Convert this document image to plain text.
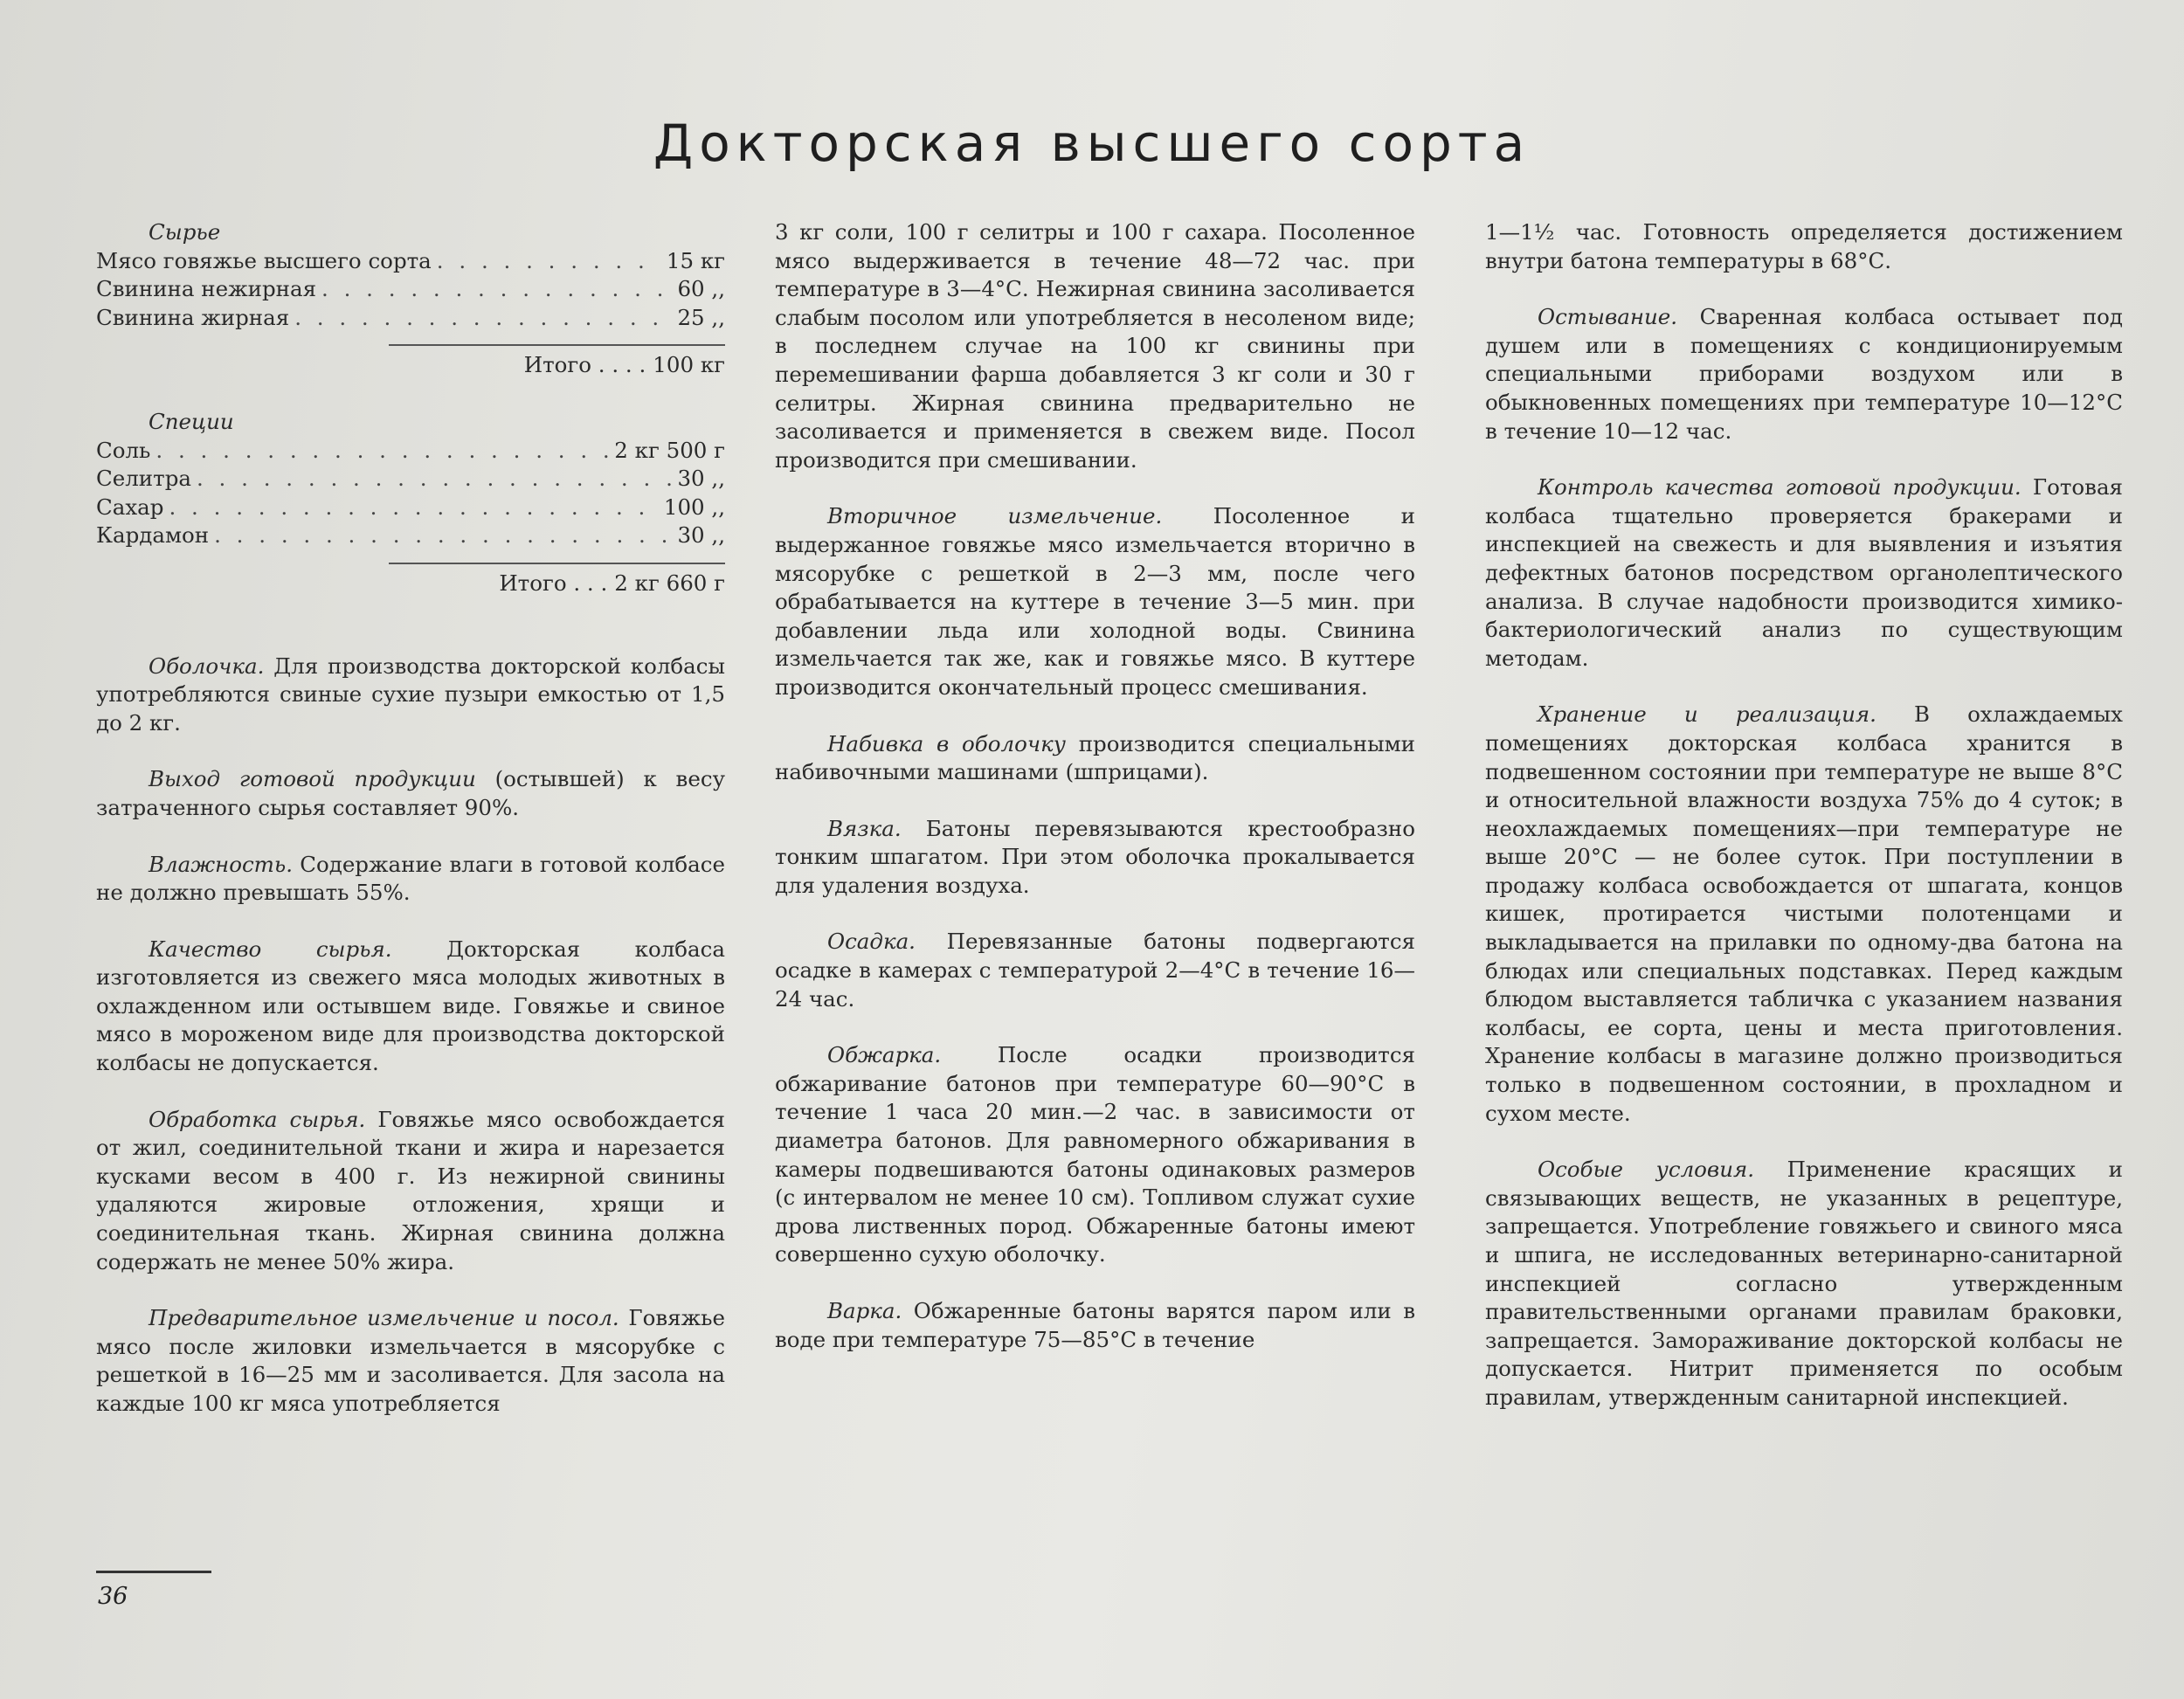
Докторская высшего сорта
Сырье
Мясо говяжье высшего сорта . . .	15 кг
Свинина нежирная . . .	60 ,,
Свинина жирная . . .	25 ,,
Итого . . . . 100 кг
Специи
Соль . . .	2 кг 500 г
Селитра . . .	30 ,,
Сахар . . .	100 ,,
Кардамон . . .	30 ,,
Итого . . . 2 кг 660 г

Оболочка. Для производства докторской колбасы употребляются свиные сухие пузыри емкостью от 1,5 до 2 кг.

Выход готовой продукции (остывшей) к весу затраченного сырья составляет 90%.

Влажность. Содержание влаги в готовой колбасе не должно превышать 55%.

Качество сырья. Докторская колбаса изготовляется из свежего мяса молодых животных в охлажденном или остывшем виде. Говяжье и свиное мясо в мороженом виде для производства докторской колбасы не допускается.

Обработка сырья. Говяжье мясо освобождается от жил, соединительной ткани и жира и нарезается кусками весом в 400 г. Из нежирной свинины удаляются жировые отложения, хрящи и соединительная ткань. Жирная свинина должна содержать не менее 50% жира.

Предварительное измельчение и посол. Говяжье мясо после жиловки измельчается в мясорубке с решеткой в 16—25 мм и засоливается. Для засола на каждые 100 кг мяса употребляется

3 кг соли, 100 г селитры и 100 г сахара. Посоленное мясо выдерживается в течение 48—72 час. при температуре в 3—4°С. Нежирная свинина засоливается слабым посолом или употребляется в несоленом виде; в последнем случае на 100 кг свинины при перемешивании фарша добавляется 3 кг соли и 30 г селитры. Жирная свинина предварительно не засоливается и применяется в свежем виде. Посол производится при смешивании.

Вторичное измельчение. Посоленное и выдержанное говяжье мясо измельчается вторично в мясорубке с решеткой в 2—3 мм, после чего обрабатывается на куттере в течение 3—5 мин. при добавлении льда или холодной воды. Свинина измельчается так же, как и говяжье мясо. В куттере производится окончательный процесс смешивания.

Набивка в оболочку производится специальными набивочными машинами (шприцами).

Вязка. Батоны перевязываются крестообразно тонким шпагатом. При этом оболочка прокалывается для удаления воздуха.

Осадка. Перевязанные батоны подвергаются осадке в камерах с температурой 2—4°С в течение 16—24 час.

Обжарка. После осадки производится обжаривание батонов при температуре 60—90°С в течение 1 часа 20 мин.—2 час. в зависимости от диаметра батонов. Для равномерного обжаривания в камеры подвешиваются батоны одинаковых размеров (с интервалом не менее 10 см). Топливом служат сухие дрова лиственных пород. Обжаренные батоны имеют совершенно сухую оболочку.

Варка. Обжаренные батоны варятся паром или в воде при температуре 75—85°С в течение

1—1½ час. Готовность определяется достижением внутри батона температуры в 68°С.

Остывание. Сваренная колбаса остывает под душем или в помещениях с кондиционируемым специальными приборами воздухом или в обыкновенных помещениях при температуре 10—12°С в течение 10—12 час.

Контроль качества готовой продукции. Готовая колбаса тщательно проверяется бракерами и инспекцией на свежесть и для выявления и изъятия дефектных батонов посредством органолептического анализа. В случае надобности производится химико-бактериологический анализ по существующим методам.

Хранение и реализация. В охлаждаемых помещениях докторская колбаса хранится в подвешенном состоянии при температуре не выше 8°С и относительной влажности воздуха 75% до 4 суток; в неохлаждаемых помещениях—при температуре не выше 20°С — не более суток. При поступлении в продажу колбаса освобождается от шпагата, концов кишек, протирается чистыми полотенцами и выкладывается на прилавки по одному-два батона на блюдах или специальных подставках. Перед каждым блюдом выставляется табличка с указанием названия колбасы, ее сорта, цены и места приготовления. Хранение колбасы в магазине должно производиться только в подвешенном состоянии, в прохладном и сухом месте.

Особые условия. Применение красящих и связывающих веществ, не указанных в рецептуре, запрещается. Употребление говяжьего и свиного мяса и шпига, не исследованных ветеринарно-санитарной инспекцией согласно утвержденным правительственными органами правилам браковки, запрещается. Замораживание докторской колбасы не допускается. Нитрит применяется по особым правилам, утвержденным санитарной инспекцией.

36
